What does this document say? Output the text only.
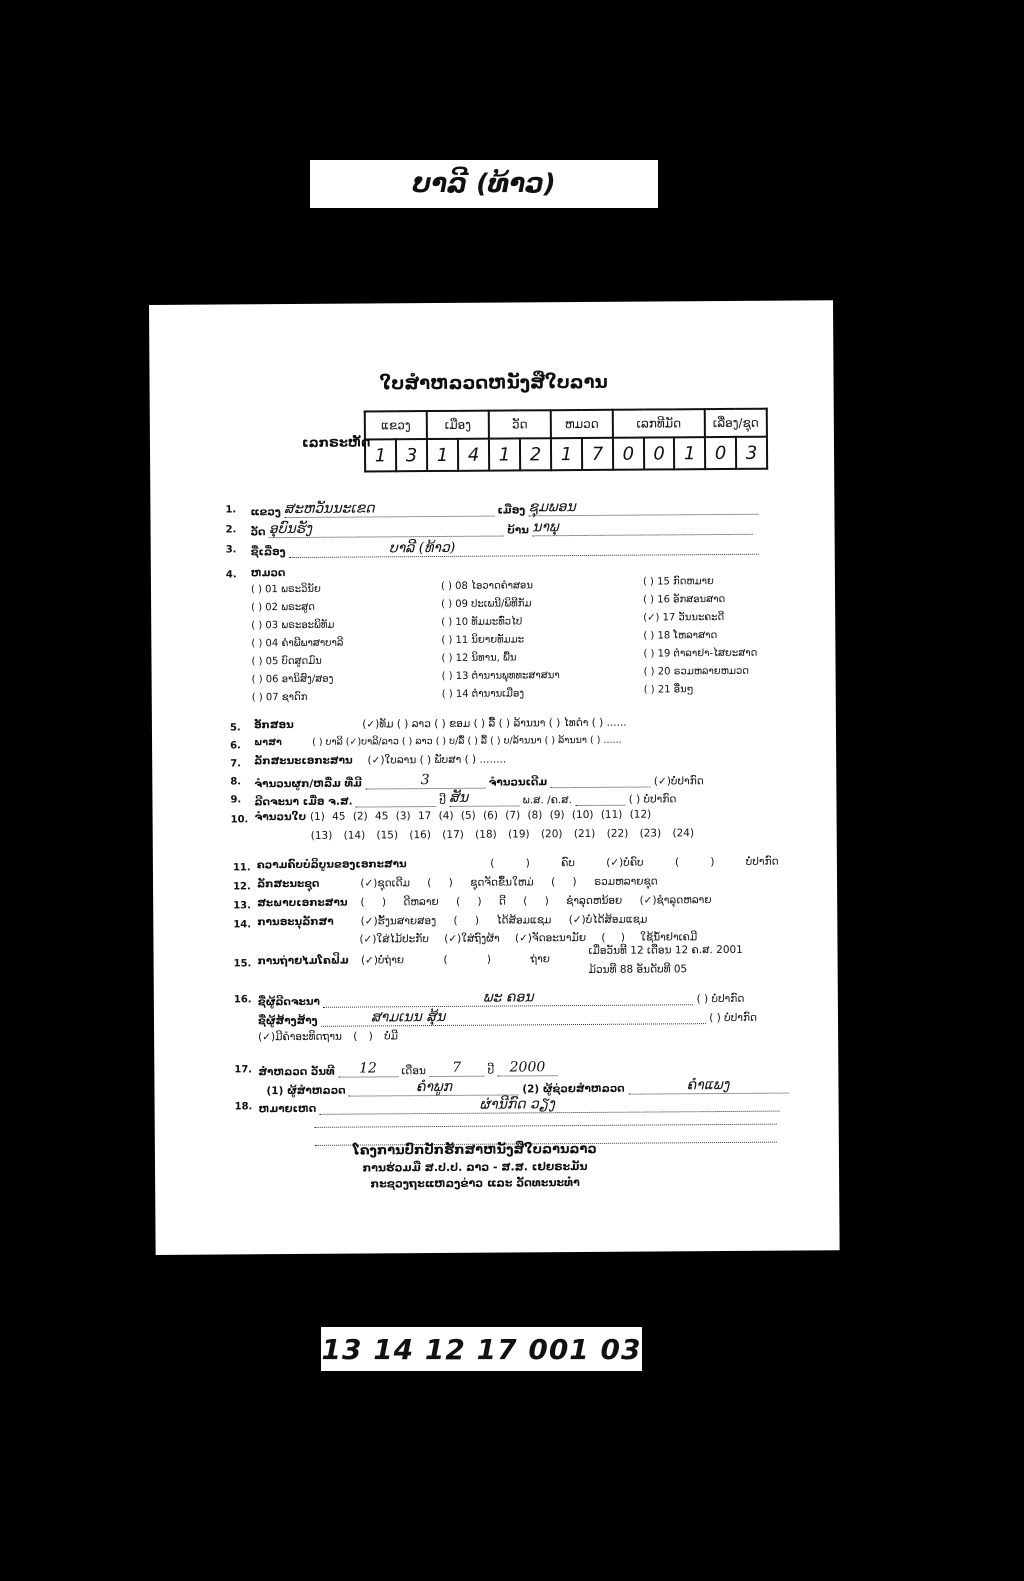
ບາລີ (ທ້າວ)
ໃບສຳຫລວດຫນັງສືໃບລານ
ເລກຣະຫັດ
ແຂວງ		ເມືອງ		ວັດ		ຫມວດ		ເລກທີມັດ			ເລື່ອງ/ຊຸດ	
1	3	1	4	1	2	1	7	0	0	1	0	3
1. ແຂວງ ສະຫວັນນະເຂດ	ເມືອງ ຊຸມພອນ
2. ວັດ ອຸບົນຮັງ	ບ້ານ ນາພຸ
3. ຊື່ເລື່ອງ	ບາລີ (ທ້າວ)
4. ຫມວດ
( ) 01 ພຣະວິນັຍ
( ) 02 ພຣະສູດ
( ) 03 ພຣະອະພິທັມ
( ) 04 ຄຳພີພາສາບາລີ
( ) 05 ບົດສູດມົນ
( ) 06 ອານິສົງ/ສອງ
( ) 07 ຊາດົກ
( ) 08 ໄອວາດຄຳສອນ
( ) 09 ປະເພນີ/ພິທີກັມ
( ) 10 ທັມມະທົ່ວໄປ
( ) 11 ນິຍາຍທັມມະ
( ) 12 ນິທານ, ພື້ນ
( ) 13 ຕຳນານພຸທທະສາສນາ
( ) 14 ຕຳນານເມືອງ
( ) 15 ກົດຫມາຍ
( ) 16 ອັກສອນສາດ
(✓) 17 ວັນນະຄະດີ
( ) 18 ໂຫລາສາດ
( ) 19 ຕຳລາຢາ-ໄສຍະສາດ
( ) 20 ຣວມຫລາຍຫມວດ
( ) 21 ອື່ນໆ
5. ອັກສອນ	(✓)ທັມ ( ) ລາວ ( ) ຂອມ ( ) ລື້ ( ) ລ້ານນາ ( ) ໄທດຳ ( ) ......
6. ພາສາ	( ) ບາລີ (✓)ບາລີ/ລາວ ( ) ລາວ ( ) ບ/ລື້ ( ) ລື້ ( ) ບ/ລ້ານນາ ( ) ລ້ານນາ ( ) ......
7. ລັກສະນະເອກະສານ (✓)ໃບລານ ( ) ພັບສາ ( ) ........
8. ຈຳນວນຜູກ/ຫລື່ມ ທີ່ມີ	3	ຈຳນວນເດີມ	(✓)ບໍ່ປາກົດ
9. ລີດຈະນາ ເມື່ອ ຈ.ສ.	ປີ ສັນ	ພ.ສ. /ຄ.ສ.	( ) ບໍ່ປາກົດ
10. ຈຳນວນໃບ (1) 45 (2) 45 (3) 17 (4) (5) (6) (7) (8) (9) (10) (11) (12)
(13) (14) (15) (16) (17) (18) (19) (20) (21) (22) (23) (24)
11. ຄວາມຄົບບໍລິບູນຂອງເອກະສານ	( ) ຄົບ (✓)ບໍ່ຄົບ ( ) ບໍ່ປາກົດ
12. ລັກສະນະຊຸດ	(✓)ຊຸດເດີມ ( ) ຊຸດຈັດຂຶ້ນໃຫມ່ ( ) ຣວມຫລາຍຊຸດ
13. ສະພາບເອກະສານ ( ) ດີຫລາຍ ( ) ດີ ( ) ຊຳລຸດຫນ້ອຍ (✓)ຊຳລຸດຫລາຍ
14. ການອະນຸລັກສາ	(✓)ຮັ້ງນສາຍສອງ ( ) ໄດ້ສ້ອມແຊມ (✓)ບໍ່ໄດ້ສ້ອມແຊມ
(✓)ໃສ່ໄມ້ປະກັບ (✓)ໃສ່ຖົງຜ້າ (✓)ຈັດອະນາມັຍ ( ) ໃຊ້ນ້ຳຢາເຄມີ
15. ການຖ່າຍໄມໂຄຟິມ (✓)ບໍ່ຖ່າຍ ( ) ຖ່າຍ
ເມື່ອວັນທີ 12 ເດືອນ 12 ຄ.ສ. 2001
ມ້ວນທີ 88 ອັນດັບທີ 05
16. ຊື່ຜູ້ລີດຈະນາ	ພະ ຄອນ	( ) ບໍ່ປາກົດ
ຊື່ຜູ້ສ້າງສ້າງ	ສາມເນນ ສຸ້ນ	( ) ບໍ່ປາກົດ
(✓)ມີຄຳອະທິດຖານ ( ) ບໍ່ມີ
17. ສຳຫລວດ ວັນທີ 12 ເດືອນ 7	ປີ 2000
(1) ຜູ້ສຳຫລວດ	ຄຳພູກ	(2) ຜູ້ຊ່ວຍສຳຫລວດ	ຄຳແພງ
18. ຫມາຍເຫດ	ຜ່ານີກົດ ວຽງ
ໂຄງການປົກປັກຮັກສາຫນັງສືໃບລານລາວ
ການຮ່ວມມື ສ.ປ.ປ. ລາວ - ສ.ສ. ເຢຍຣະມັນ
ກະຊວງຖະແຫລງຂ່າວ ແລະ ວັດທະນະທຳ
13 14 12 17 001 03
